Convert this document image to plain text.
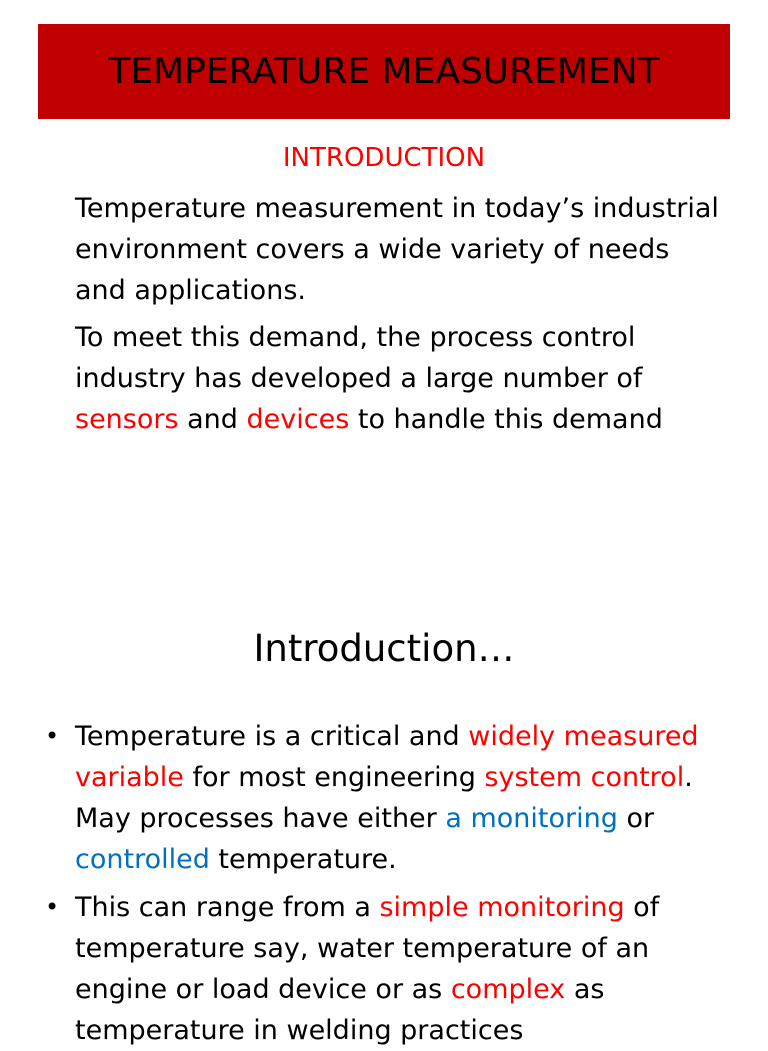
TEMPERATURE MEASUREMENT
INTRODUCTION
Temperature measurement in today’s industrial environment covers a wide variety of needs and applications.
To meet this demand, the process control industry has developed a large number of sensors and devices to handle this demand
Introduction…
• Temperature is a critical and widely measured variable for most engineering system control. May processes have either a monitoring or controlled temperature.
• This can range from a simple monitoring of temperature say, water temperature of an engine or load device or as complex as temperature in welding practices
